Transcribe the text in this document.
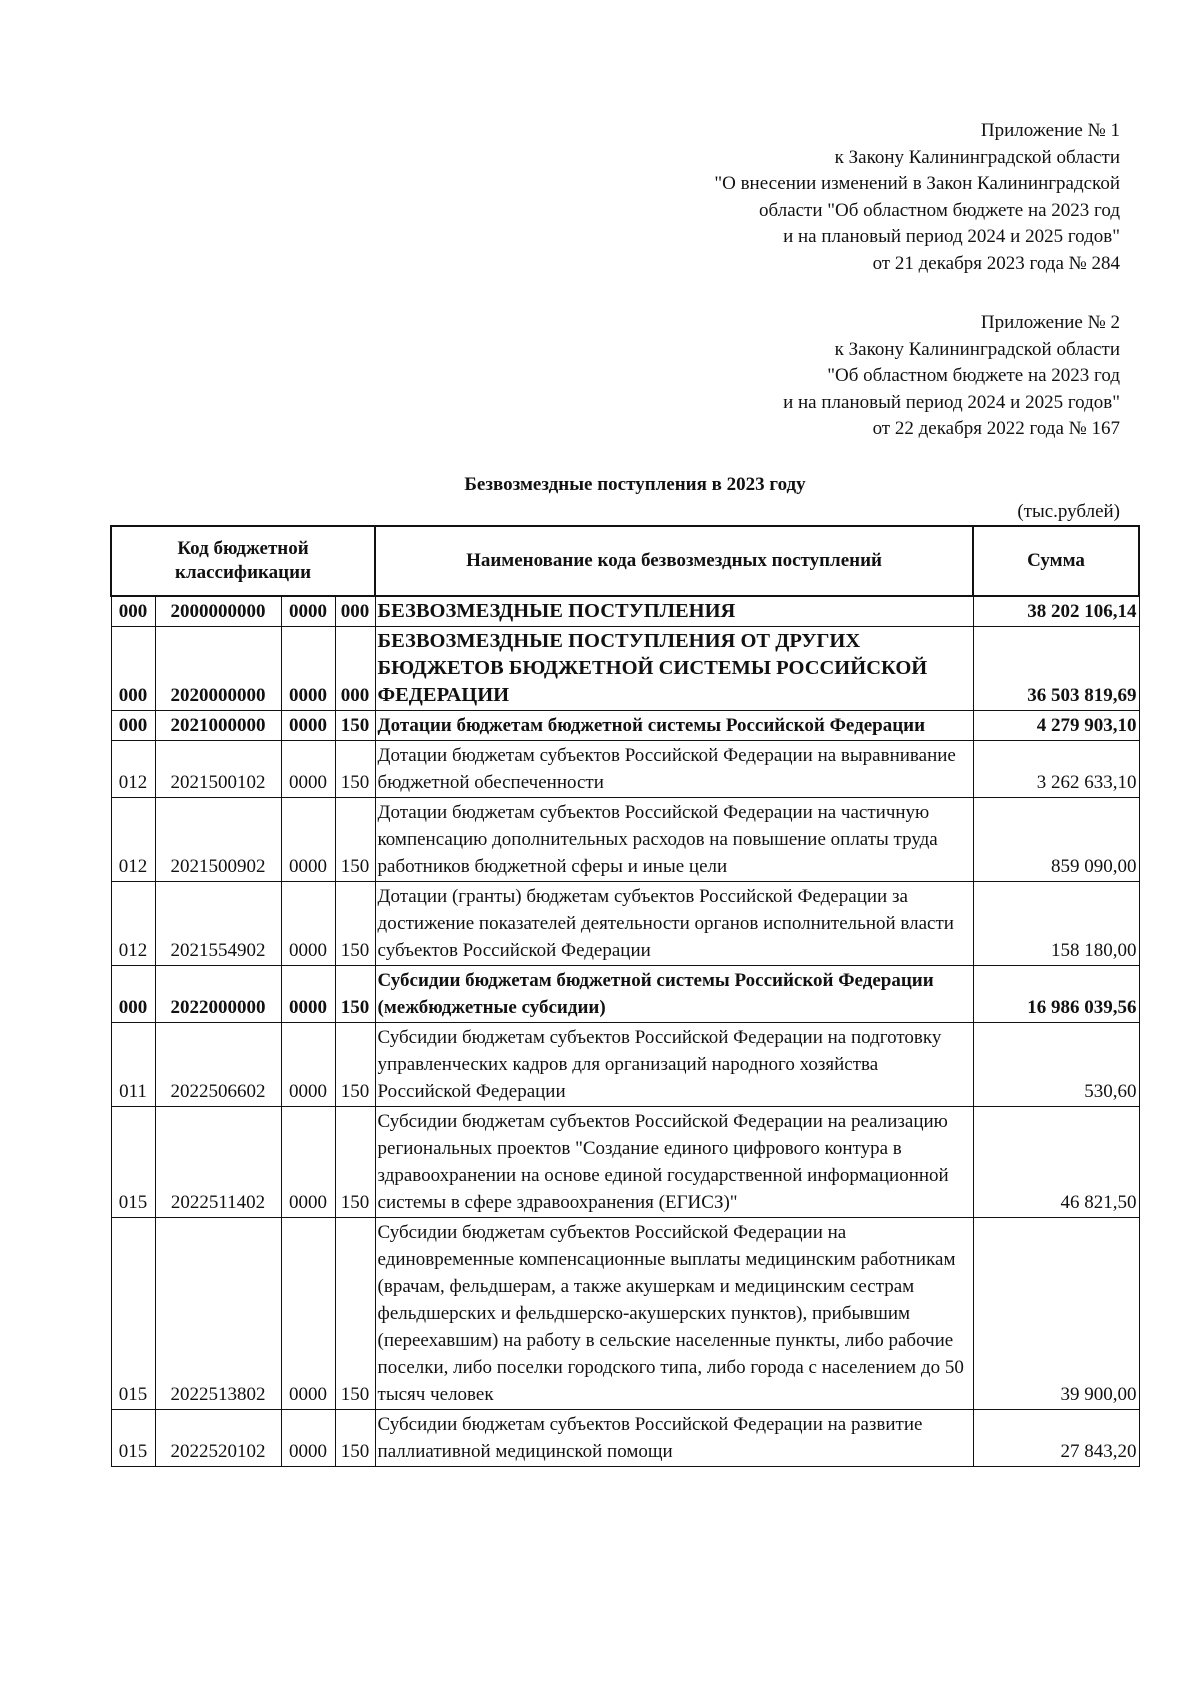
Приложение № 1
к Закону Калининградской области
"О внесении изменений в Закон Калининградской
области "Об областном бюджете на 2023 год
и на плановый период 2024 и 2025 годов"
от 21 декабря 2023 года № 284
Приложение № 2
к Закону Калининградской области
"Об областном бюджете на 2023 год
и на плановый период 2024 и 2025 годов"
от 22 декабря 2022 года № 167
Безвозмездные поступления в 2023 году
(тыс.рублей)
Код бюджетной классификации				Наименование кода безвозмездных поступлений	Сумма
000	2000000000	0000	000	БЕЗВОЗМЕЗДНЫЕ ПОСТУПЛЕНИЯ	38 202 106,14
000	2020000000	0000	000	БЕЗВОЗМЕЗДНЫЕ ПОСТУПЛЕНИЯ ОТ ДРУГИХ БЮДЖЕТОВ БЮДЖЕТНОЙ СИСТЕМЫ РОССИЙСКОЙ ФЕДЕРАЦИИ	36 503 819,69
000	2021000000	0000	150	Дотации бюджетам бюджетной системы Российской Федерации	4 279 903,10
012	2021500102	0000	150	Дотации бюджетам субъектов Российской Федерации на выравнивание бюджетной обеспеченности	3 262 633,10
012	2021500902	0000	150	Дотации бюджетам субъектов Российской Федерации на частичную компенсацию дополнительных расходов на повышение оплаты труда работников бюджетной сферы и иные цели	859 090,00
012	2021554902	0000	150	Дотации (гранты) бюджетам субъектов Российской Федерации за достижение показателей деятельности органов исполнительной власти субъектов Российской Федерации	158 180,00
000	2022000000	0000	150	Субсидии бюджетам бюджетной системы Российской Федерации (межбюджетные субсидии)	16 986 039,56
011	2022506602	0000	150	Субсидии бюджетам субъектов Российской Федерации на подготовку управленческих кадров для организаций народного хозяйства Российской Федерации	530,60
015	2022511402	0000	150	Субсидии бюджетам субъектов Российской Федерации на реализацию региональных проектов "Создание единого цифрового контура в здравоохранении на основе единой государственной информационной системы в сфере здравоохранения (ЕГИСЗ)"	46 821,50
015	2022513802	0000	150	Субсидии бюджетам субъектов Российской Федерации на единовременные компенсационные выплаты медицинским работникам (врачам, фельдшерам, а также акушеркам и медицинским сестрам фельдшерских и фельдшерско-акушерских пунктов), прибывшим (переехавшим) на работу в сельские населенные пункты, либо рабочие поселки, либо поселки городского типа, либо города с населением до 50 тысяч человек	39 900,00
015	2022520102	0000	150	Субсидии бюджетам субъектов Российской Федерации на развитие паллиативной медицинской помощи	27 843,20
